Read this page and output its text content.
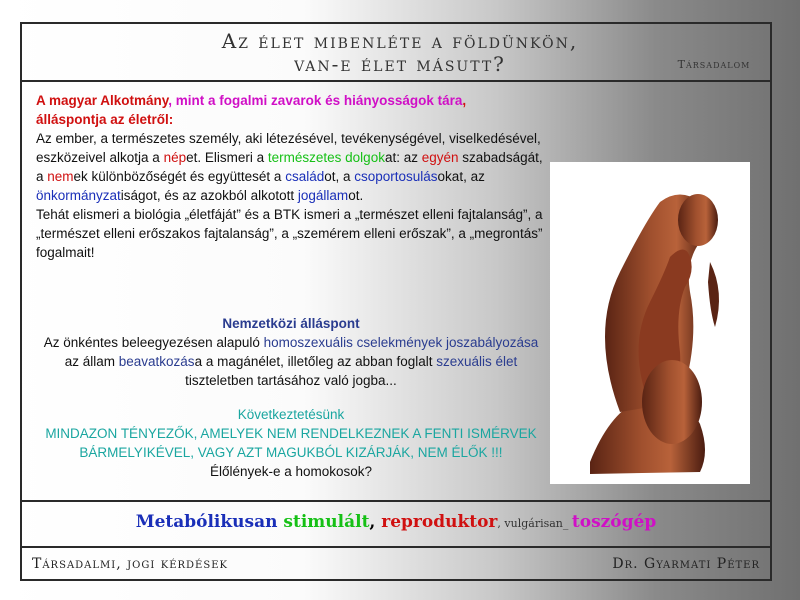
Az élet mibenléte a földünkön,
van-e élet másutt?	Társadalom

A magyar Alkotmány, mint a fogalmi zavarok és hiányosságok tára,
álláspontja az életről:

Az ember, a természetes személy, aki létezésével, tevékenységével, viselkedésével, eszközeivel alkotja a népet. Elismeri a természetes dolgokat: az egyén szabadságát, a nemek különbözőségét és együttesét a családot, a csoportosulásokat, az önkormányzatiságot, és az azokból alkotott jogállamot.

Tehát elismeri a biológia „életfáját” és a BTK ismeri a „természet elleni fajtalanság”, a „természet elleni erőszakos fajtalanság”, a „szemérem elleni erőszak”, a „megrontás” fogalmait!

Nemzetközi álláspont
Az önkéntes beleegyezésen alapuló homoszexuális cselekmények joszabályozása az állam beavatkozása a magánélet, illetőleg az abban foglalt szexuális élet tiszteletben tartásához való jogba...
Következtetésünk
MINDAZON TÉNYEZŐK, AMELYEK NEM RENDELKEZNEK A FENTI ISMÉRVEK BÁRMELYIKÉVEL, VAGY AZT MAGUKBÓL KIZÁRJÁK, NEM ÉLŐK !!!
Élőlények-e a homokosok?
Metabólikusan stimulált, reproduktor, vulgárisan_ toszógép
Társadalmi, jogi kérdések	Dr. Gyarmati Péter
